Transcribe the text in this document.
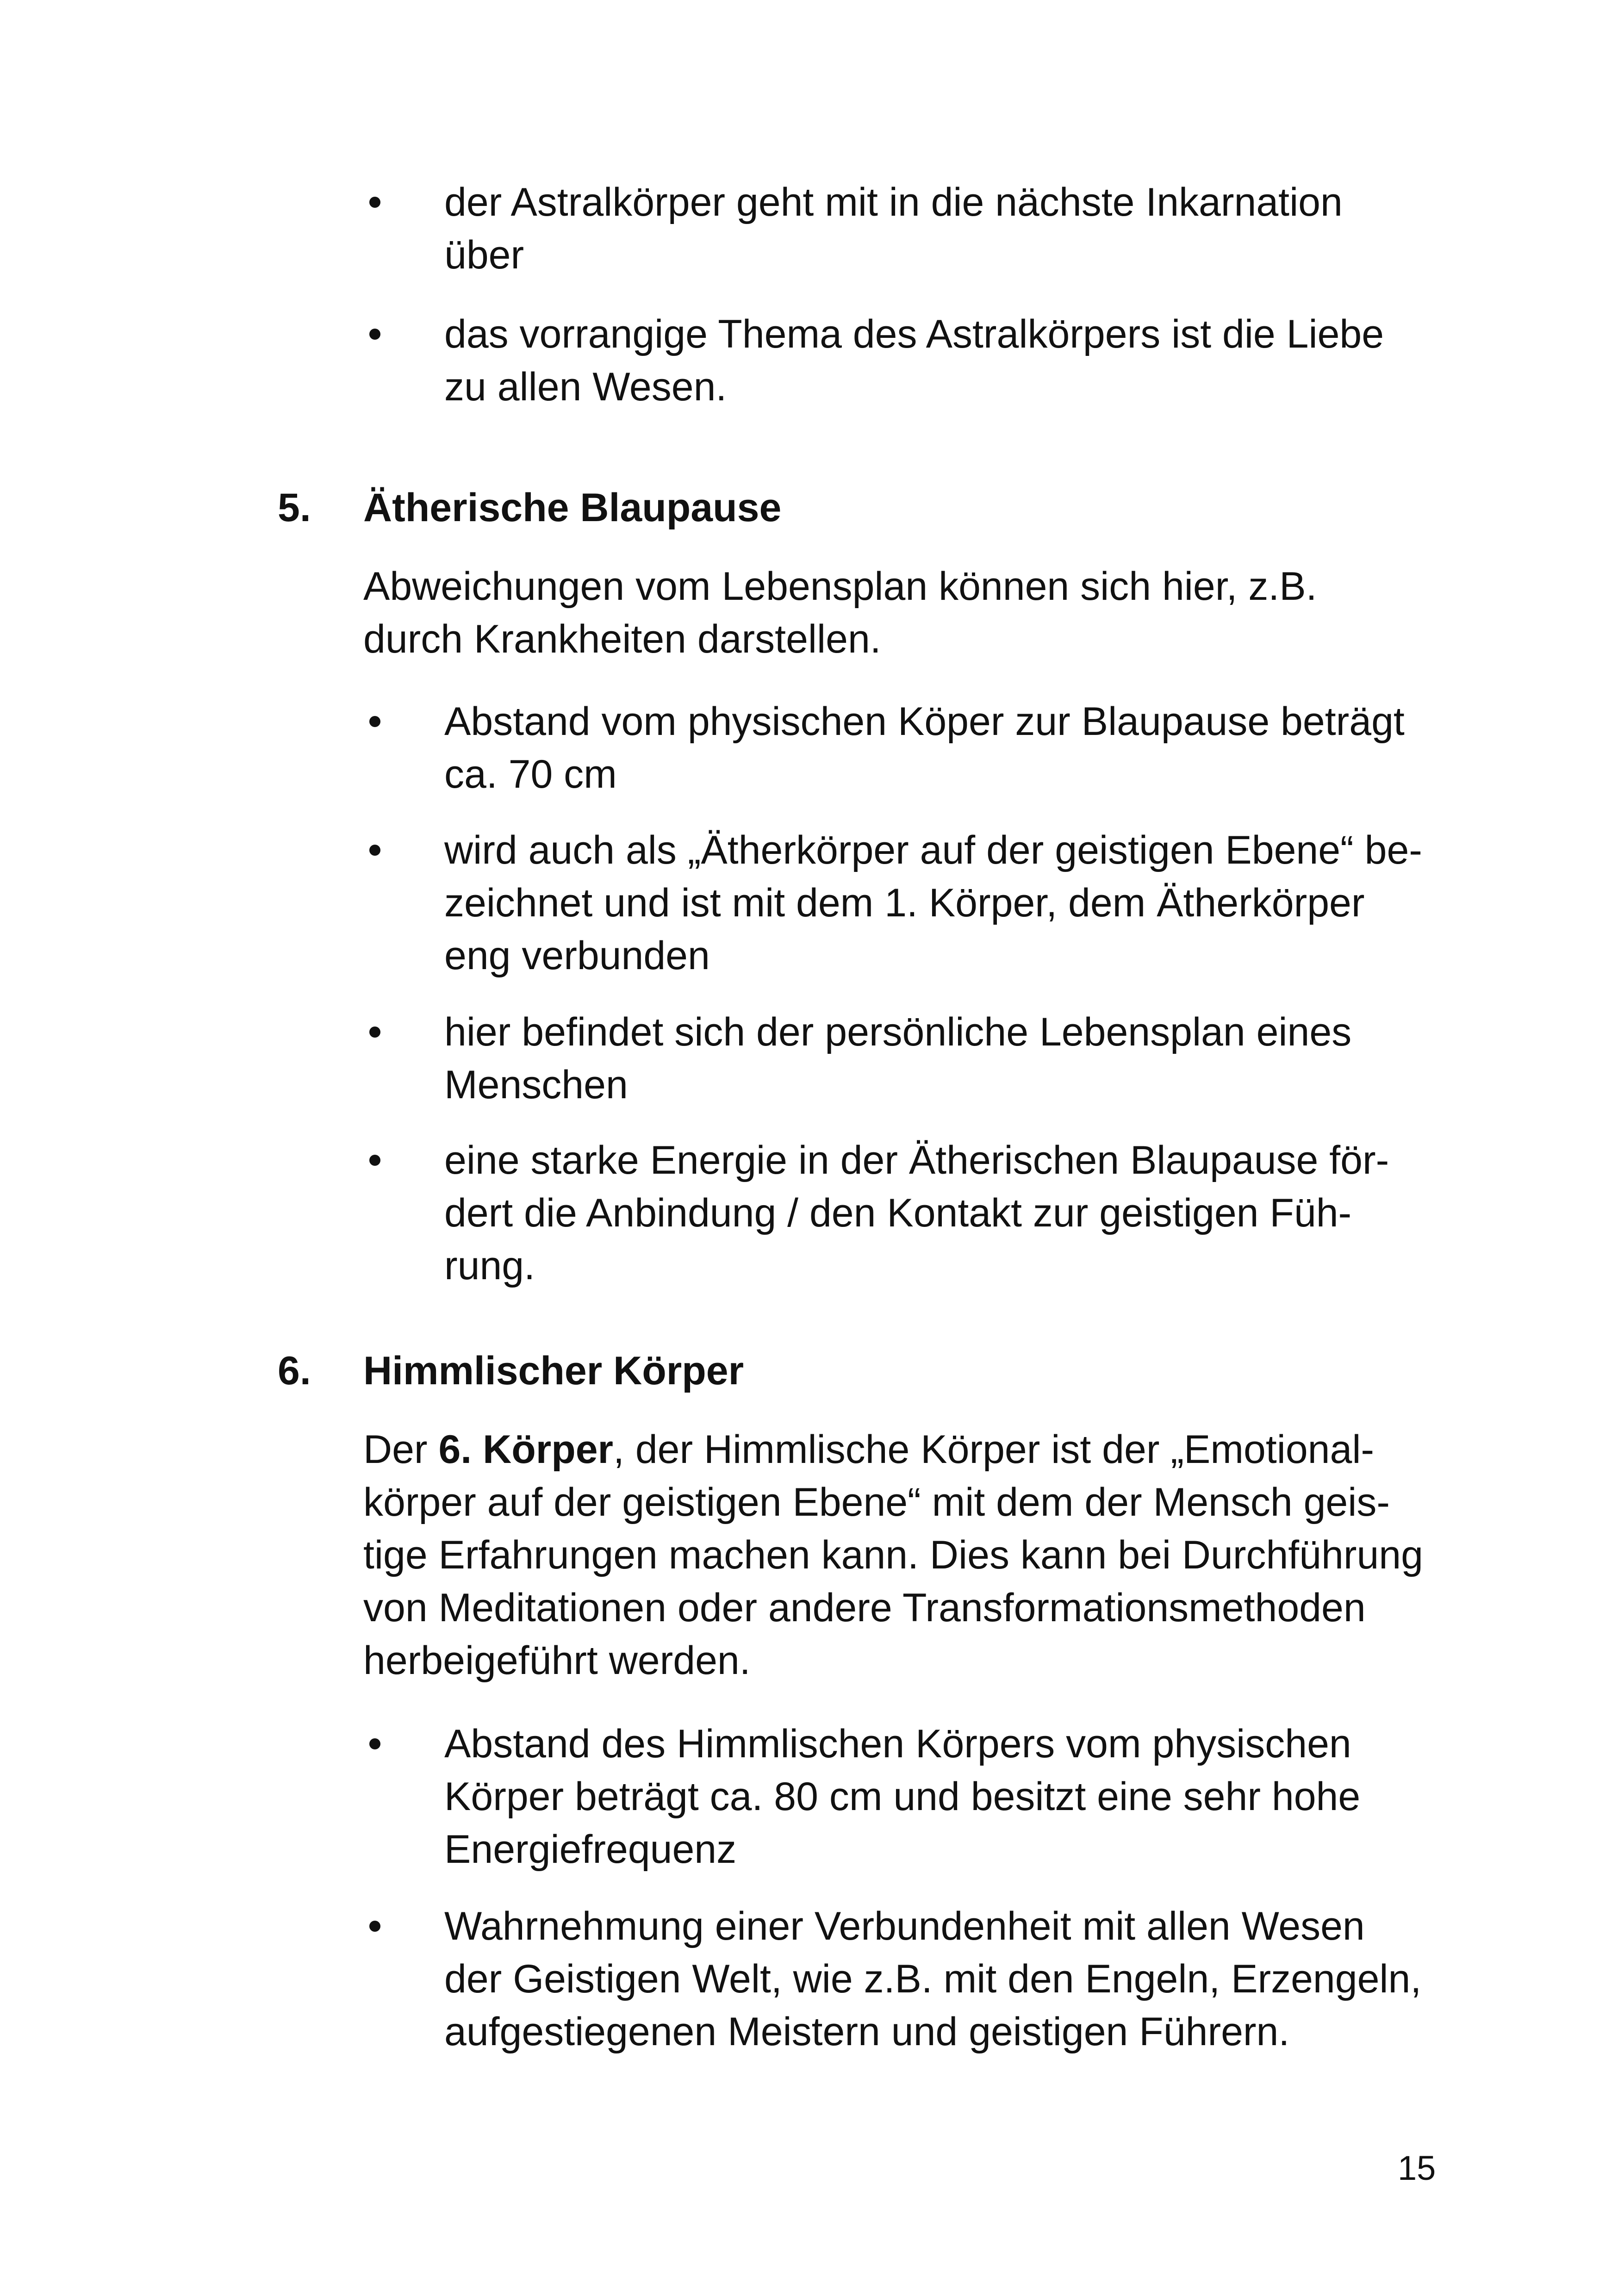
der Astralkörper geht mit in die nächste Inkarnation
über
das vorrangige Thema des Astralkörpers ist die Liebe
zu allen Wesen.
5. Ätherische Blaupause
Abweichungen vom Lebensplan können sich hier, z.B.
durch Krankheiten darstellen.
Abstand vom physischen Köper zur Blaupause beträgt
ca. 70 cm
wird auch als „Ätherkörper auf der geistigen Ebene“ be-
zeichnet und ist mit dem 1. Körper, dem Ätherkörper
eng verbunden
hier befindet sich der persönliche Lebensplan eines
Menschen
eine starke Energie in der Ätherischen Blaupause för-
dert die Anbindung / den Kontakt zur geistigen Füh-
rung.
6. Himmlischer Körper
Der 6. Körper, der Himmlische Körper ist der „Emotional-
körper auf der geistigen Ebene“ mit dem der Mensch geis-
tige Erfahrungen machen kann. Dies kann bei Durchführung
von Meditationen oder andere Transformationsmethoden
herbeigeführt werden.
Abstand des Himmlischen Körpers vom physischen
Körper beträgt ca. 80 cm und besitzt eine sehr hohe
Energiefrequenz
Wahrnehmung einer Verbundenheit mit allen Wesen
der Geistigen Welt, wie z.B. mit den Engeln, Erzengeln,
aufgestiegenen Meistern und geistigen Führern.
15
